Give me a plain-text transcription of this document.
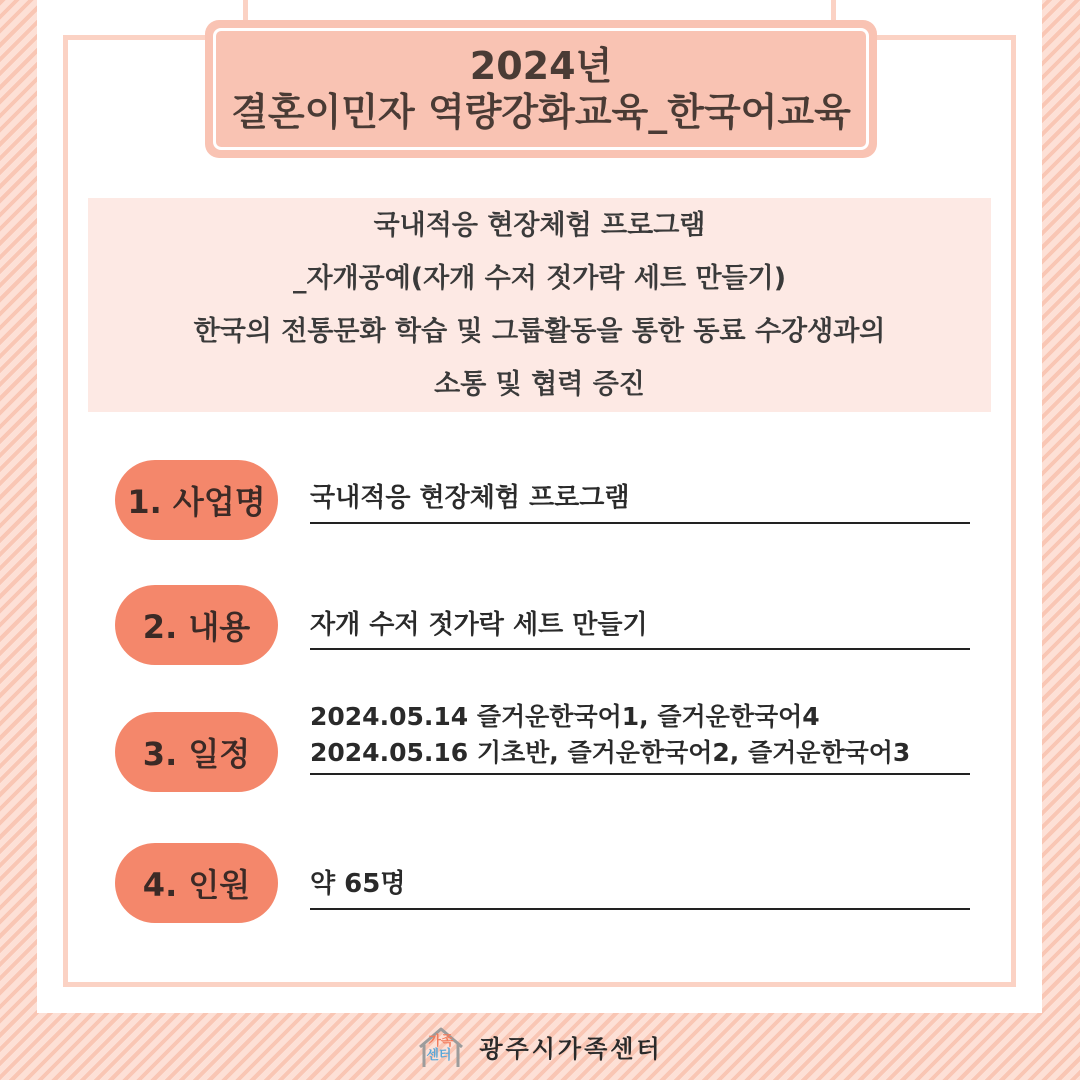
2024년
결혼이민자 역량강화교육_한국어교육
국내적응 현장체험 프로그램
_자개공예(자개 수저 젓가락 세트 만들기)
한국의 전통문화 학습 및 그룹활동을 통한 동료 수강생과의
소통 및 협력 증진
1. 사업명	국내적응 현장체험 프로그램
2. 내용	자개 수저 젓가락 세트 만들기
3. 일정
2024.05.14 즐거운한국어1, 즐거운한국어4
2024.05.16 기초반, 즐거운한국어2, 즐거운한국어3
4. 인원	약 65명
가족
센터 광주시가족센터
